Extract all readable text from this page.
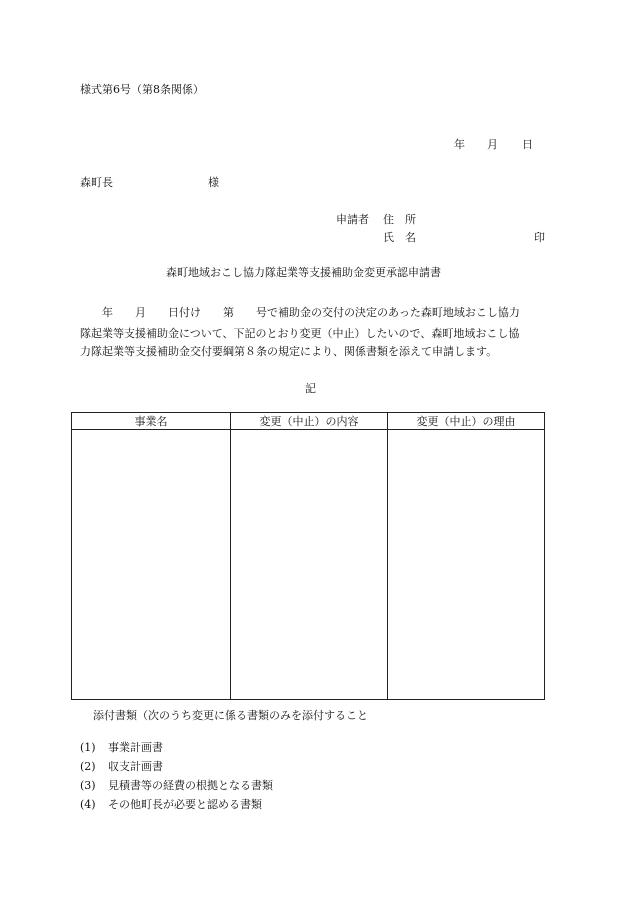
様式第6号（第8条関係）
年 月 日
森町長	様
申請者 住　所
氏　名	印
森町地域おこし協力隊起業等支援補助金変更承認申請書
年　　月　　日付け　　第　　号で補助金の交付の決定のあった森町地域おこし協力
隊起業等支援補助金について、下記のとおり変更（中止）したいので、森町地域おこし協
力隊起業等支援補助金交付要綱第８条の規定により、関係書類を添えて申請します。
記
事業名	変更（中止）の内容	変更（中止）の理由

添付書類（次のうち変更に係る書類のみを添付すること
(1) 事業計画書
(2) 収支計画書
(3) 見積書等の経費の根拠となる書類
(4) その他町長が必要と認める書類
